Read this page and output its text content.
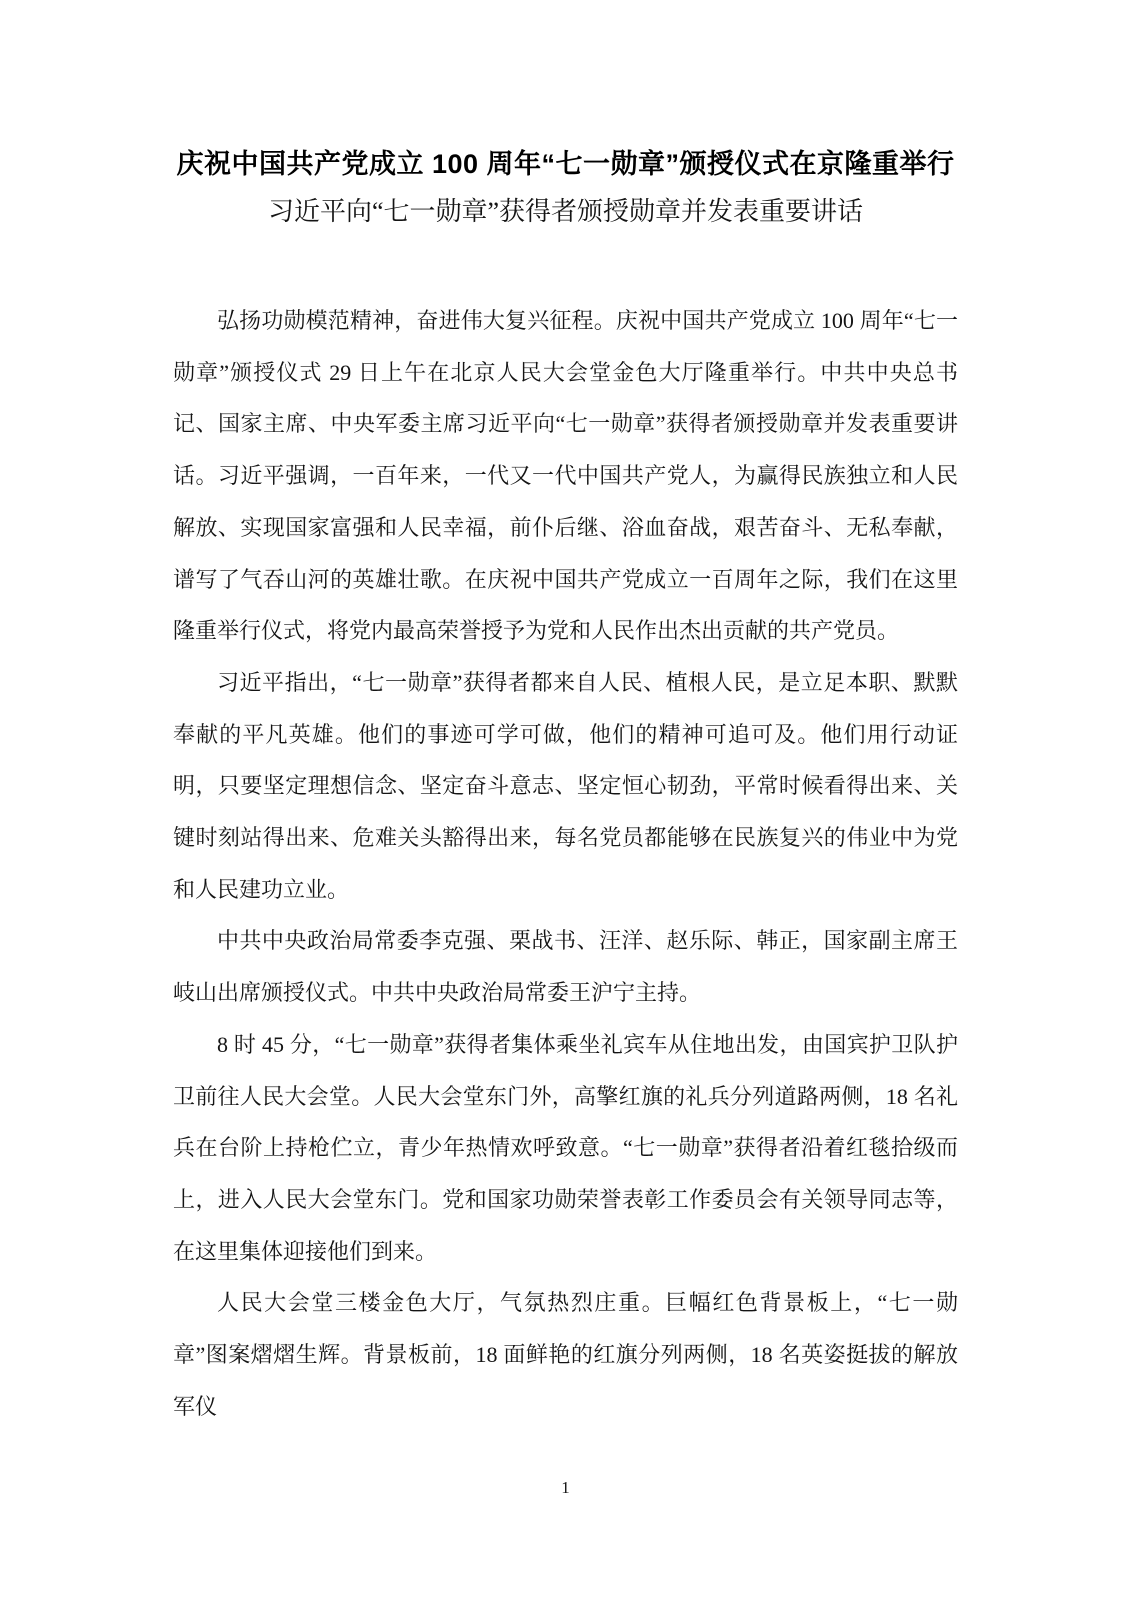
庆祝中国共产党成立 100 周年“七一勋章”颁授仪式在京隆重举行
习近平向“七一勋章”获得者颁授勋章并发表重要讲话

弘扬功勋模范精神，奋进伟大复兴征程。庆祝中国共产党成立 100 周年“七一勋章”颁授仪式 29 日上午在北京人民大会堂金色大厅隆重举行。中共中央总书记、国家主席、中央军委主席习近平向“七一勋章”获得者颁授勋章并发表重要讲话。习近平强调，一百年来，一代又一代中国共产党人，为赢得民族独立和人民解放、实现国家富强和人民幸福，前仆后继、浴血奋战，艰苦奋斗、无私奉献，谱写了气吞山河的英雄壮歌。在庆祝中国共产党成立一百周年之际，我们在这里隆重举行仪式，将党内最高荣誉授予为党和人民作出杰出贡献的共产党员。

习近平指出，“七一勋章”获得者都来自人民、植根人民，是立足本职、默默奉献的平凡英雄。他们的事迹可学可做，他们的精神可追可及。他们用行动证明，只要坚定理想信念、坚定奋斗意志、坚定恒心韧劲，平常时候看得出来、关键时刻站得出来、危难关头豁得出来，每名党员都能够在民族复兴的伟业中为党和人民建功立业。

中共中央政治局常委李克强、栗战书、汪洋、赵乐际、韩正，国家副主席王岐山出席颁授仪式。中共中央政治局常委王沪宁主持。

8 时 45 分，“七一勋章”获得者集体乘坐礼宾车从住地出发，由国宾护卫队护卫前往人民大会堂。人民大会堂东门外，高擎红旗的礼兵分列道路两侧，18 名礼兵在台阶上持枪伫立，青少年热情欢呼致意。“七一勋章”获得者沿着红毯拾级而上，进入人民大会堂东门。党和国家功勋荣誉表彰工作委员会有关领导同志等，在这里集体迎接他们到来。

人民大会堂三楼金色大厅，气氛热烈庄重。巨幅红色背景板上，“七一勋章”图案熠熠生辉。背景板前，18 面鲜艳的红旗分列两侧，18 名英姿挺拔的解放军仪

1
